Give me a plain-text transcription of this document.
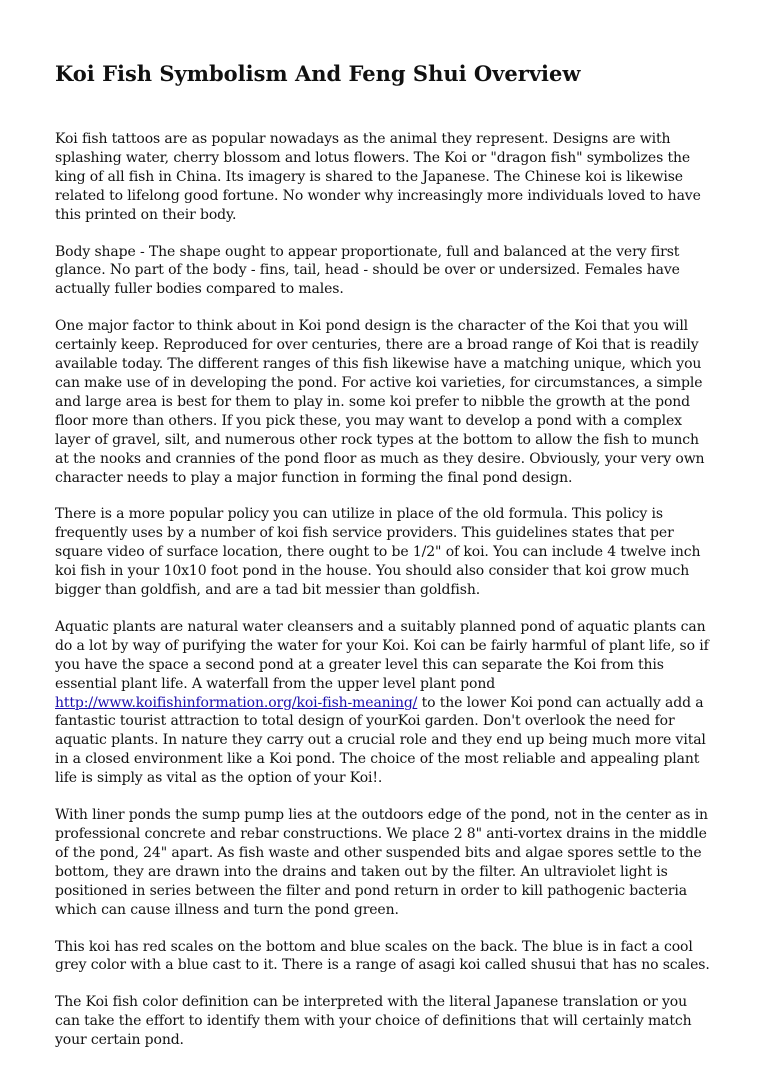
Koi Fish Symbolism And Feng Shui Overview

Koi fish tattoos are as popular nowadays as the animal they represent. Designs are with splashing water, cherry blossom and lotus flowers. The Koi or "dragon fish" symbolizes the king of all fish in China. Its imagery is shared to the Japanese. The Chinese koi is likewise related to lifelong good fortune. No wonder why increasingly more individuals loved to have this printed on their body.

Body shape - The shape ought to appear proportionate, full and balanced at the very first glance. No part of the body - fins, tail, head - should be over or undersized. Females have actually fuller bodies compared to males.

One major factor to think about in Koi pond design is the character of the Koi that you will certainly keep. Reproduced for over centuries, there are a broad range of Koi that is readily available today. The different ranges of this fish likewise have a matching unique, which you can make use of in developing the pond. For active koi varieties, for circumstances, a simple and large area is best for them to play in. some koi prefer to nibble the growth at the pond floor more than others. If you pick these, you may want to develop a pond with a complex layer of gravel, silt, and numerous other rock types at the bottom to allow the fish to munch at the nooks and crannies of the pond floor as much as they desire. Obviously, your very own character needs to play a major function in forming the final pond design.

There is a more popular policy you can utilize in place of the old formula. This policy is frequently uses by a number of koi fish service providers. This guidelines states that per square video of surface location, there ought to be 1/2" of koi. You can include 4 twelve inch koi fish in your 10x10 foot pond in the house. You should also consider that koi grow much bigger than goldfish, and are a tad bit messier than goldfish.

Aquatic plants are natural water cleansers and a suitably planned pond of aquatic plants can do a lot by way of purifying the water for your Koi. Koi can be fairly harmful of plant life, so if you have the space a second pond at a greater level this can separate the Koi from this essential plant life. A waterfall from the upper level plant pond http://www.koifishinformation.org/koi-fish-meaning/ to the lower Koi pond can actually add a fantastic tourist attraction to total design of yourKoi garden. Don't overlook the need for aquatic plants. In nature they carry out a crucial role and they end up being much more vital in a closed environment like a Koi pond. The choice of the most reliable and appealing plant life is simply as vital as the option of your Koi!.

With liner ponds the sump pump lies at the outdoors edge of the pond, not in the center as in professional concrete and rebar constructions. We place 2 8" anti-vortex drains in the middle of the pond, 24" apart. As fish waste and other suspended bits and algae spores settle to the bottom, they are drawn into the drains and taken out by the filter. An ultraviolet light is positioned in series between the filter and pond return in order to kill pathogenic bacteria which can cause illness and turn the pond green.

This koi has red scales on the bottom and blue scales on the back. The blue is in fact a cool grey color with a blue cast to it. There is a range of asagi koi called shusui that has no scales.

The Koi fish color definition can be interpreted with the literal Japanese translation or you can take the effort to identify them with your choice of definitions that will certainly match your certain pond.
